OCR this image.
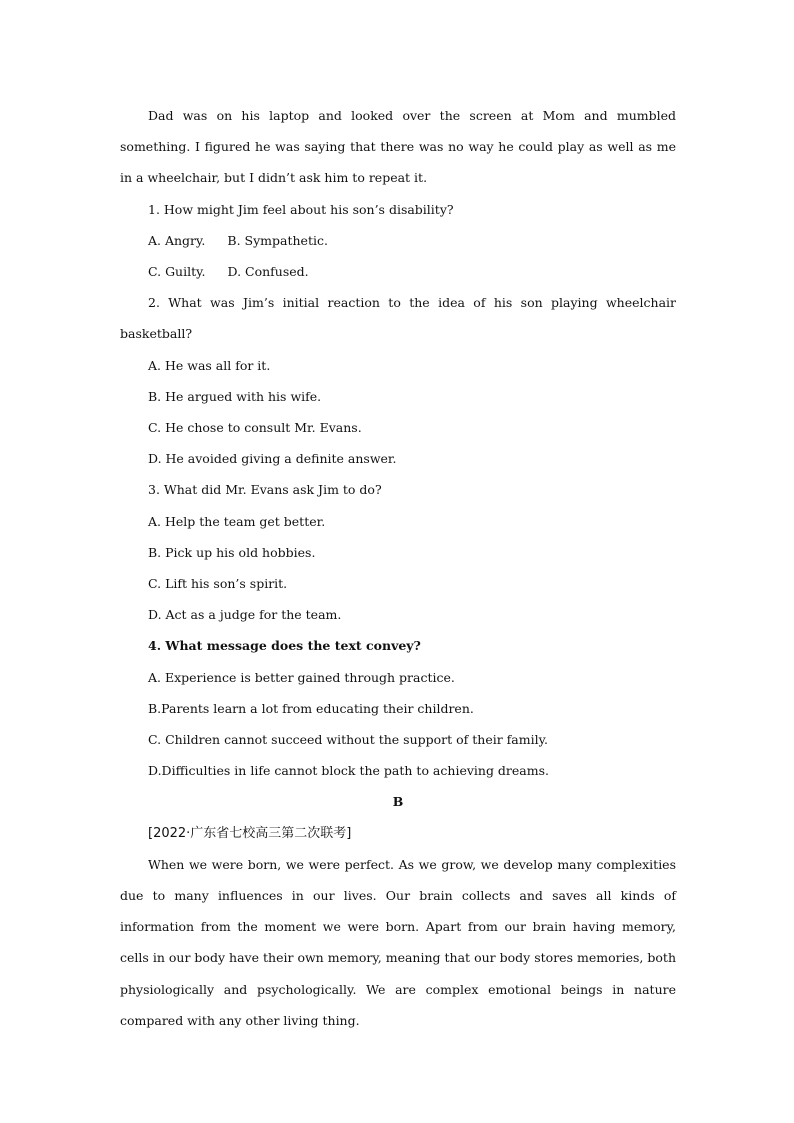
Dad was on his laptop and looked over the screen at Mom and mumbled something. I figured he was saying that there was no way he could play as well as me in a wheelchair, but I didn’t ask him to repeat it.

1. How might Jim feel about his son’s disability?

A. Angry. B. Sympathetic.

C. Guilty. D. Confused.

2. What was Jim’s initial reaction to the idea of his son playing wheelchair basketball?

A. He was all for it.

B. He argued with his wife.

C. He chose to consult Mr. Evans.

D. He avoided giving a definite answer.

3. What did Mr. Evans ask Jim to do?

A. Help the team get better.

B. Pick up his old hobbies.

C. Lift his son’s spirit.

D. Act as a judge for the team.

4. What message does the text convey?

A. Experience is better gained through practice.

B.Parents learn a lot from educating their children.

C. Children cannot succeed without the support of their family.

D.Difficulties in life cannot block the path to achieving dreams.

B

[2022·广东省七校高三第二次联考]

When we were born, we were perfect. As we grow, we develop many complexities due to many influences in our lives. Our brain collects and saves all kinds of information from the moment we were born. Apart from our brain having memory, cells in our body have their own memory, meaning that our body stores memories, both physiologically and psychologically. We are complex emotional beings in nature compared with any other living thing.
